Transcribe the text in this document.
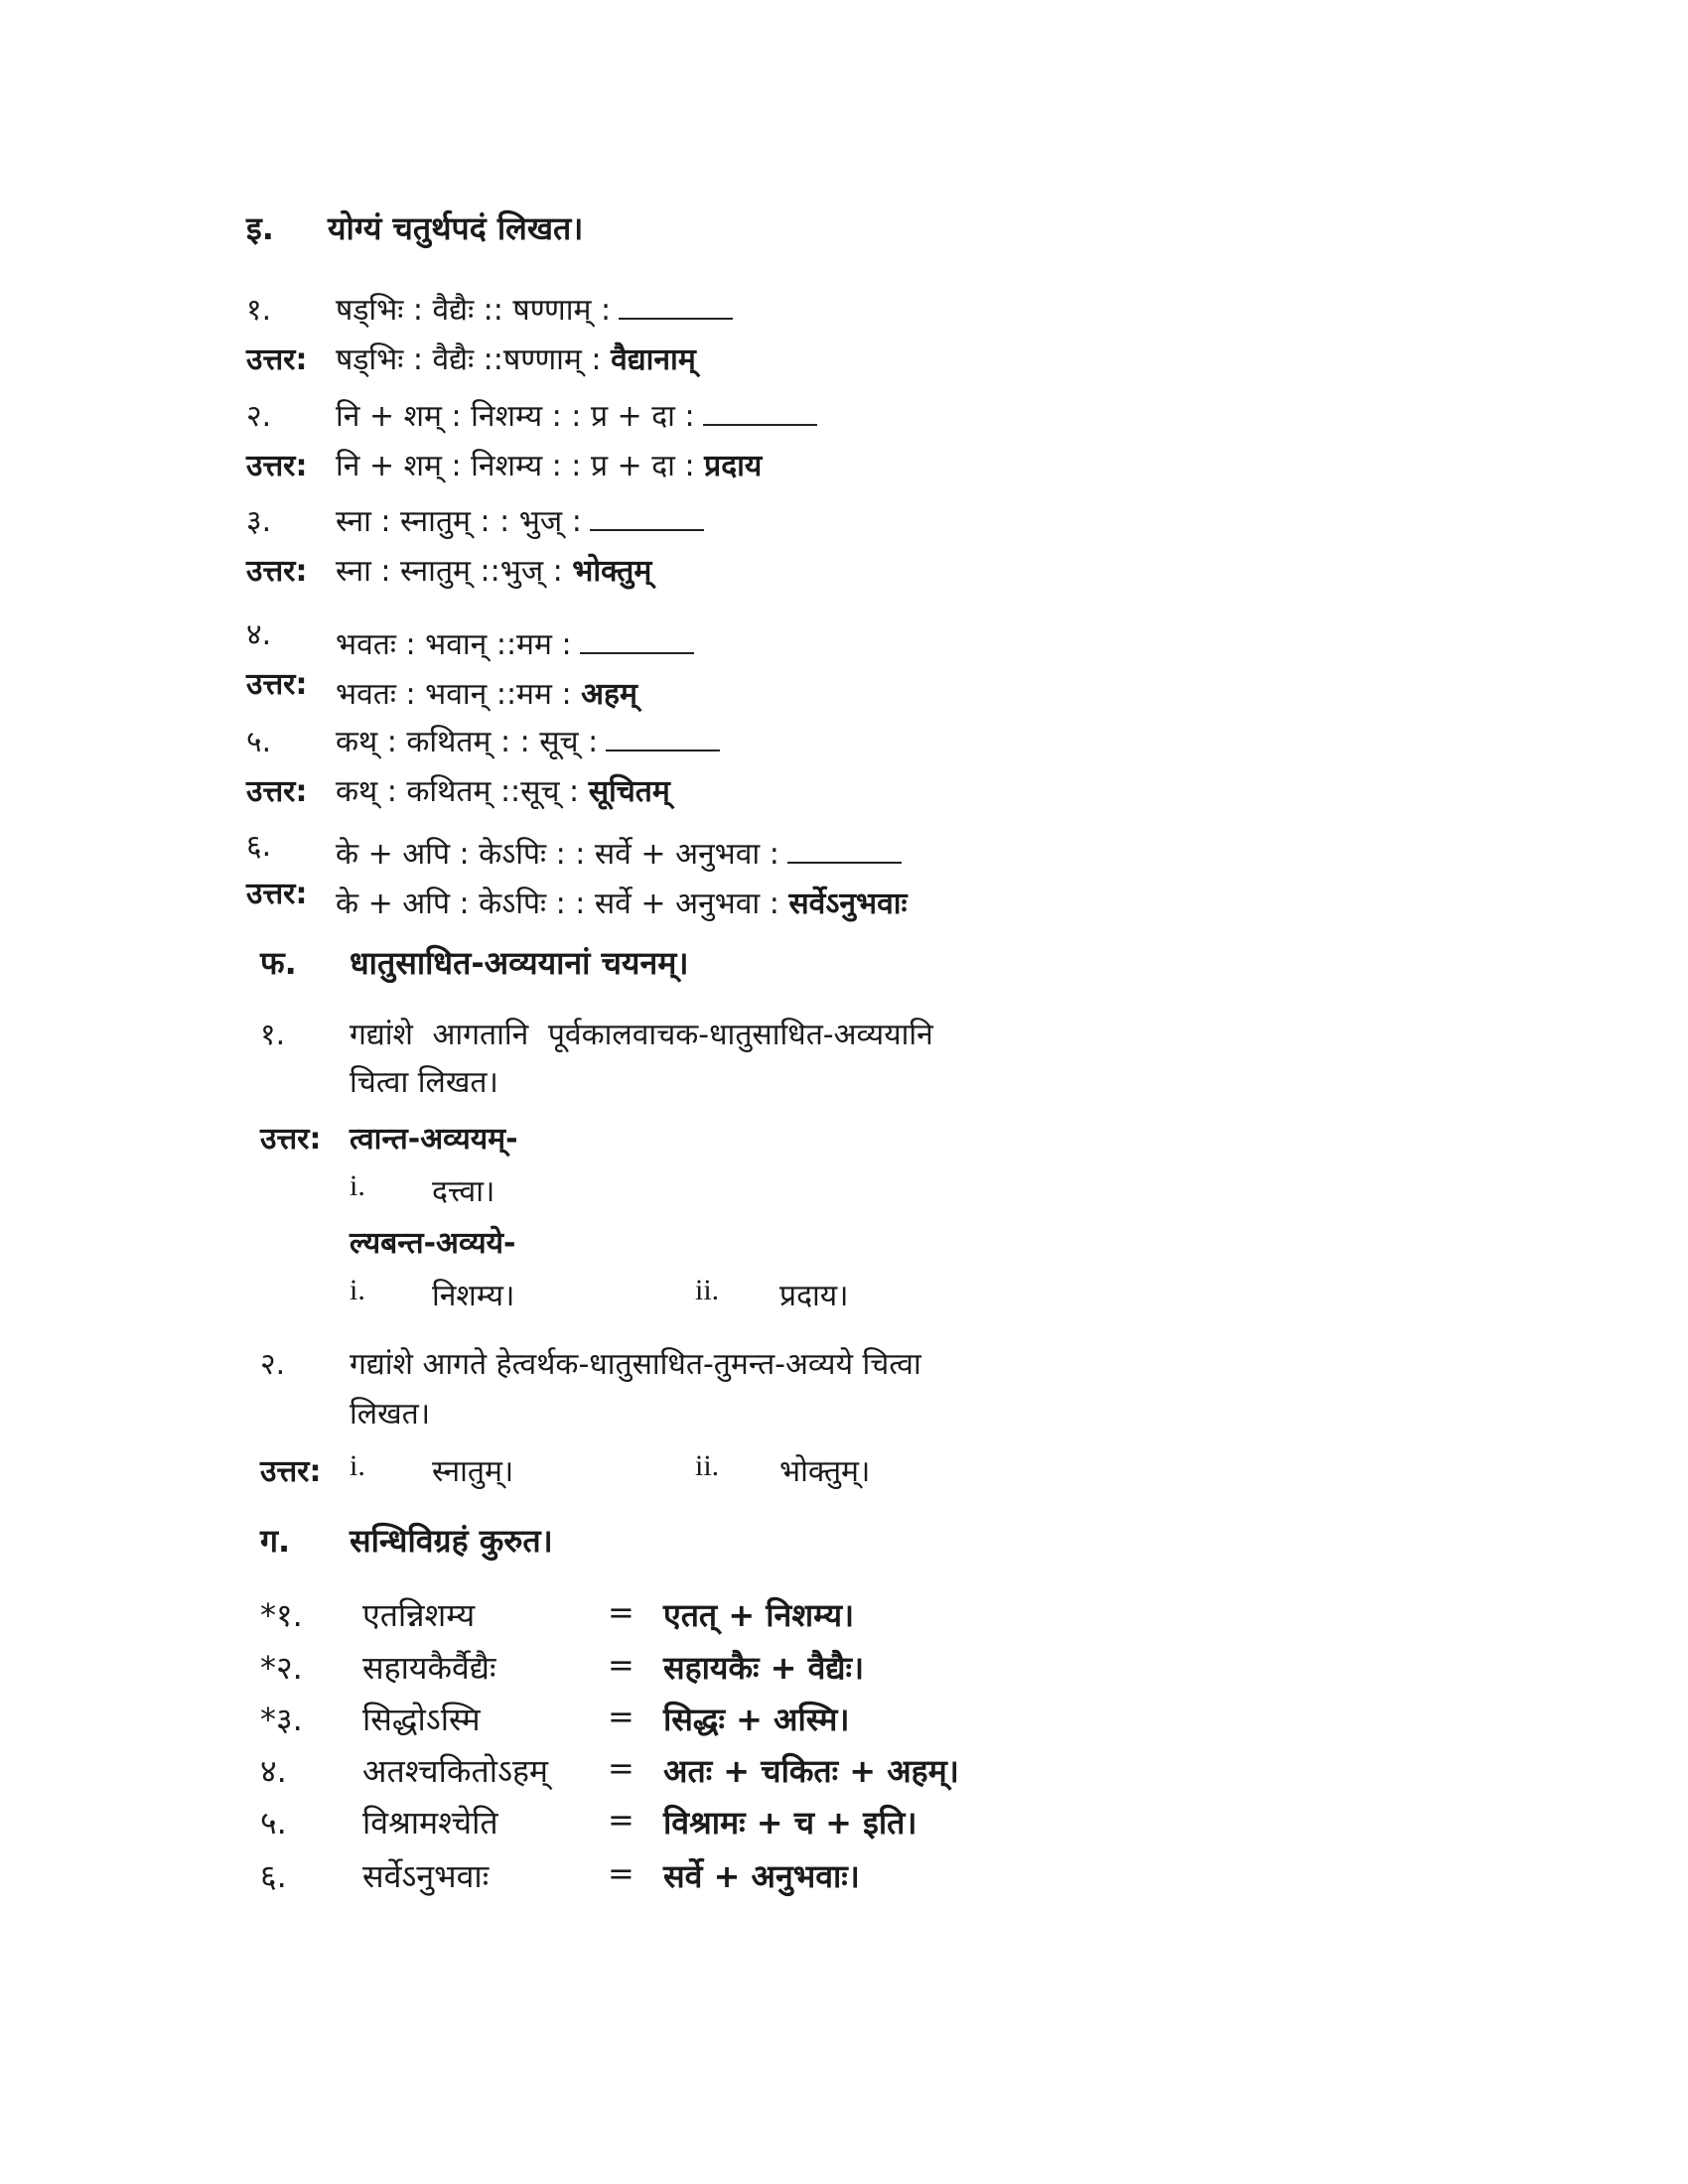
इ. योग्यं चतुर्थपदं लिखत।
१. षड्भिः : वैद्यैः :: षण्णाम् :
उत्तर: षड्भिः : वैद्यैः ::षण्णाम् : वैद्यानाम्
२. नि + शम् : निशम्य : : प्र + दा :
उत्तर: नि + शम् : निशम्य : : प्र + दा : प्रदाय
३. स्ना : स्नातुम् : : भुज् :
उत्तर: स्ना : स्नातुम् ::भुज् : भोक्तुम्
४. भवतः : भवान् ::मम :
उत्तर: भवतः : भवान् ::मम : अहम्
५. कथ् : कथितम् : : सूच् :
उत्तर: कथ् : कथितम् ::सूच् : सूचितम्
६. के + अपि : केऽपिः : : सर्वे + अनुभवा :
उत्तर: के + अपि : केऽपिः : : सर्वे + अनुभवा : सर्वेऽनुभवाः
फ. धातुसाधित-अव्ययानां चयनम्।
१. गद्यांशे आगतानि पूर्वकालवाचक-धातुसाधित-अव्ययानि
चित्वा लिखत।
उत्तर: त्वान्त-अव्ययम्-
i. दत्त्वा।
ल्यबन्त-अव्यये-
i. निशम्य।	ii. प्रदाय।
२. गद्यांशे आगते हेत्वर्थक-धातुसाधित-तुमन्त-अव्यये चित्वा
लिखत।
उत्तर: i. स्नातुम्।	ii. भोक्तुम्।
ग. सन्धिविग्रहं कुरुत।
*१. एतन्निशम्य	= एतत् + निशम्य।
*२. सहायकैर्वैद्यैः	= सहायकैः + वैद्यैः।
*३. सिद्धोऽस्मि	= सिद्धः + अस्मि।
४. अतश्चकितोऽहम् = अतः + चकितः + अहम्।
५. विश्रामश्चेति	= विश्रामः + च + इति।
६. सर्वेऽनुभवाः	= सर्वे + अनुभवाः।
